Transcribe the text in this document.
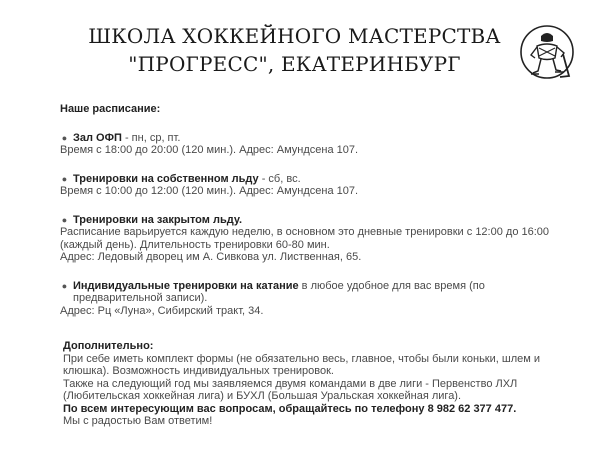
ШКОЛА ХОККЕЙНОГО МАСТЕРСТВА
"ПРОГРЕСС", ЕКАТЕРИНБУРГ
Наше расписание:
● Зал ОФП - пн, ср, пт.
Время с 18:00 до 20:00 (120 мин.). Адрес: Амундсена 107.
● Тренировки на собственном льду - сб, вс.
Время с 10:00 до 12:00 (120 мин.). Адрес: Амундсена 107.
● Тренировки на закрытом льду.
Расписание варьируется каждую неделю, в основном это дневные тренировки с 12:00 до 16:00
(каждый день). Длительность тренировки 60-80 мин.
Адрес: Ледовый дворец им А. Сивкова ул. Лиственная, 65.
● Индивидуальные тренировки на катание в любое удобное для вас время (по
предварительной записи).
Адрес: Рц «Луна», Сибирский тракт, 34.
Дополнительно:
При себе иметь комплект формы (не обязательно весь, главное, чтобы были коньки, шлем и
клюшка). Возможность индивидуальных тренировок.
Также на следующий год мы заявляемся двумя командами в две лиги - Первенство ЛХЛ
(Любительская хоккейная лига) и БУХЛ (Большая Уральская хоккейная лига).
По всем интересующим вас вопросам, обращайтесь по телефону 8 982 62 377 477.
Мы с радостью Вам ответим!
